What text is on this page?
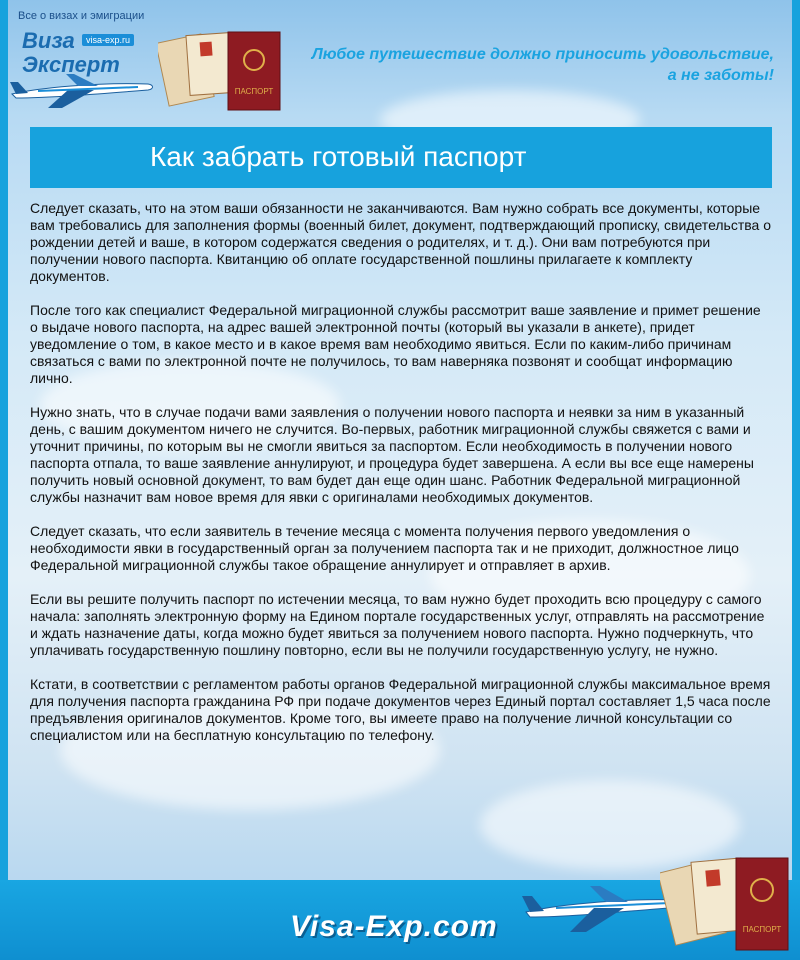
Все о визах и эмиграции
Виза
Эксперт
visa-exp.ru
ПАСПОРТ
Любое путешествие должно приносить удовольствие,
а не заботы!
Как забрать готовый паспорт

Следует сказать, что на этом ваши обязанности не заканчиваются. Вам нужно собрать все документы, которые вам требовались для заполнения формы (военный билет, документ, подтверждающий прописку, свидетельства о рождении детей и ваше, в котором содержатся сведения о родителях, и т. д.). Они вам потребуются при получении нового паспорта. Квитанцию об оплате государственной пошлины прилагаете к комплекту документов.

После того как специалист Федеральной миграционной службы рассмотрит ваше заявление и примет решение о выдаче нового паспорта, на адрес вашей электронной почты (который вы указали в анкете), придет уведомление о том, в какое место и в какое время вам необходимо явиться. Если по каким-либо причинам связаться с вами по электронной почте не получилось, то вам наверняка позвонят и сообщат информацию лично.

Нужно знать, что в случае подачи вами заявления о получении нового паспорта и неявки за ним в указанный день, с вашим документом ничего не случится. Во-первых, работник миграционной службы свяжется с вами и уточнит причины, по которым вы не смогли явиться за паспортом. Если необходимость в получении нового паспорта отпала, то ваше заявление аннулируют, и процедура будет завершена. А если вы все еще намерены получить новый основной документ, то вам будет дан еще один шанс. Работник Федеральной миграционной службы назначит вам новое время для явки с оригиналами необходимых документов.

Следует сказать, что если заявитель в течение месяца с момента получения первого уведомления о необходимости явки в государственный орган за получением паспорта так и не приходит, должностное лицо Федеральной миграционной службы такое обращение аннулирует и отправляет в архив.

Если вы решите получить паспорт по истечении месяца, то вам нужно будет проходить всю процедуру с самого начала: заполнять электронную форму на Едином портале государственных услуг, отправлять на рассмотрение и ждать назначение даты, когда можно будет явиться за получением нового паспорта. Нужно подчеркнуть, что уплачивать государственную пошлину повторно, если вы не получили государственную услугу, не нужно.

Кстати, в соответствии с регламентом работы органов Федеральной миграционной службы максимальное время для получения паспорта гражданина РФ при подаче документов через Единый портал составляет 1,5 часа после предъявления оригиналов документов. Кроме того, вы имеете право на получение личной консультации со специалистом или на бесплатную консультацию по телефону.

Visa-Exp.com	ПАСПОРТ
